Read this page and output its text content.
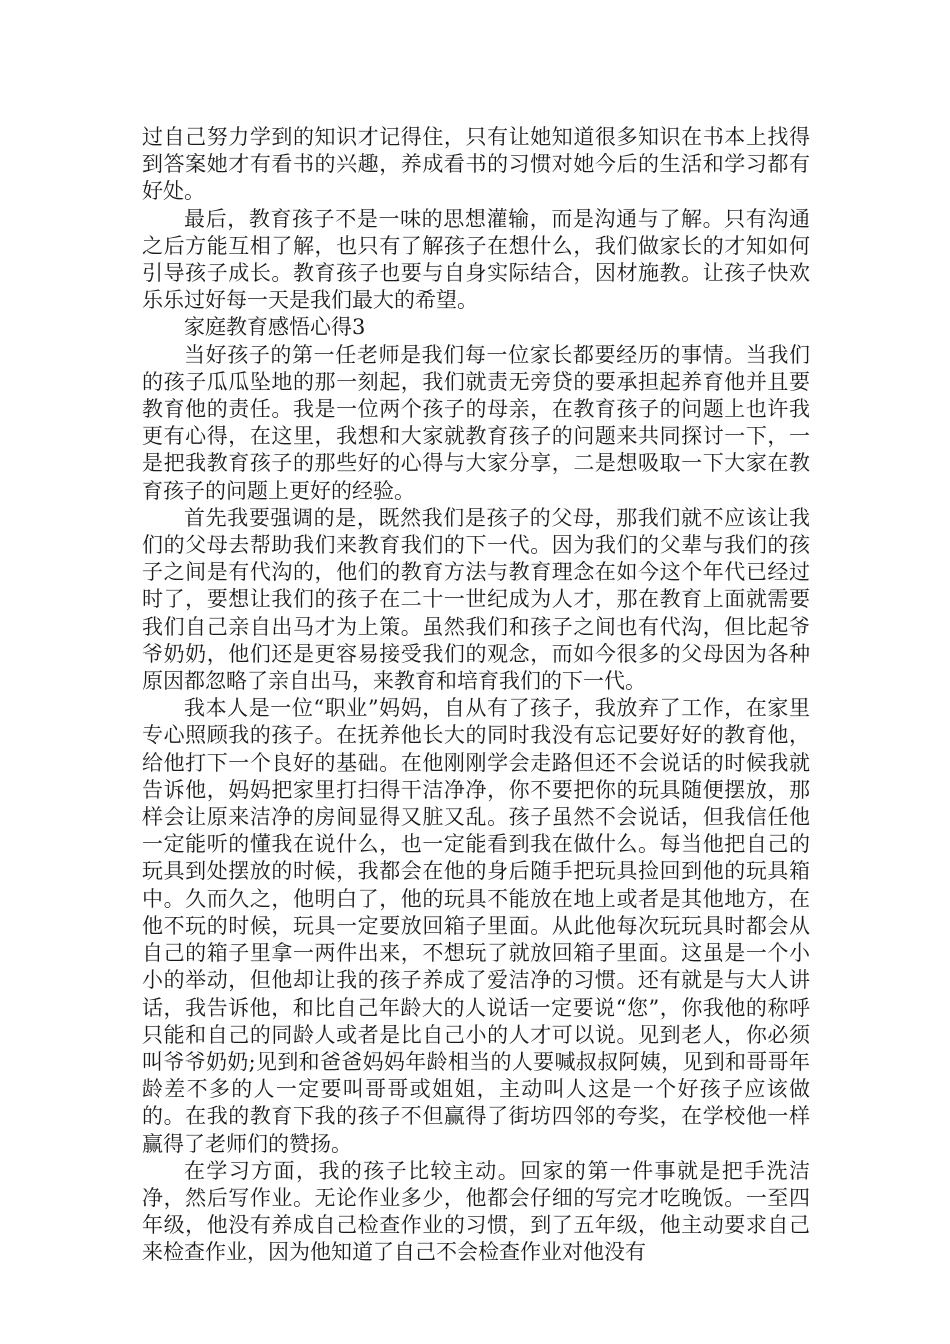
过自己努力学到的知识才记得住，只有让她知道很多知识在书本上找得到答案她才有看书的兴趣，养成看书的习惯对她今后的生活和学习都有好处。

最后，教育孩子不是一味的思想灌输，而是沟通与了解。只有沟通之后方能互相了解，也只有了解孩子在想什么，我们做家长的才知如何引导孩子成长。教育孩子也要与自身实际结合，因材施教。让孩子快欢乐乐过好每一天是我们最大的希望。

家庭教育感悟心得3

当好孩子的第一任老师是我们每一位家长都要经历的事情。当我们的孩子瓜瓜坠地的那一刻起，我们就责无旁贷的要承担起养育他并且要教育他的责任。我是一位两个孩子的母亲，在教育孩子的问题上也许我更有心得，在这里，我想和大家就教育孩子的问题来共同探讨一下，一是把我教育孩子的那些好的心得与大家分享，二是想吸取一下大家在教育孩子的问题上更好的经验。

首先我要强调的是，既然我们是孩子的父母，那我们就不应该让我们的父母去帮助我们来教育我们的下一代。因为我们的父辈与我们的孩子之间是有代沟的，他们的教育方法与教育理念在如今这个年代已经过时了，要想让我们的孩子在二十一世纪成为人才，那在教育上面就需要我们自己亲自出马才为上策。虽然我们和孩子之间也有代沟，但比起爷爷奶奶，他们还是更容易接受我们的观念，而如今很多的父母因为各种原因都忽略了亲自出马，来教育和培育我们的下一代。

我本人是一位“职业”妈妈，自从有了孩子，我放弃了工作，在家里专心照顾我的孩子。在抚养他长大的同时我没有忘记要好好的教育他，给他打下一个良好的基础。在他刚刚学会走路但还不会说话的时候我就告诉他，妈妈把家里打扫得干洁净净，你不要把你的玩具随便摆放，那样会让原来洁净的房间显得又脏又乱。孩子虽然不会说话，但我信任他一定能听的懂我在说什么，也一定能看到我在做什么。每当他把自己的玩具到处摆放的时候，我都会在他的身后随手把玩具捡回到他的玩具箱中。久而久之，他明白了，他的玩具不能放在地上或者是其他地方，在他不玩的时候，玩具一定要放回箱子里面。从此他每次玩玩具时都会从自己的箱子里拿一两件出来，不想玩了就放回箱子里面。这虽是一个小小的举动，但他却让我的孩子养成了爱洁净的习惯。还有就是与大人讲话，我告诉他，和比自己年龄大的人说话一定要说“您”，你我他的称呼只能和自己的同龄人或者是比自己小的人才可以说。见到老人，你必须叫爷爷奶奶;见到和爸爸妈妈年龄相当的人要喊叔叔阿姨，见到和哥哥年龄差不多的人一定要叫哥哥或姐姐，主动叫人这是一个好孩子应该做的。在我的教育下我的孩子不但赢得了街坊四邻的夸奖，在学校他一样赢得了老师们的赞扬。

在学习方面，我的孩子比较主动。回家的第一件事就是把手洗洁净，然后写作业。无论作业多少，他都会仔细的写完才吃晚饭。一至四年级，他没有养成自己检查作业的习惯，到了五年级，他主动要求自己来检查作业，因为他知道了自己不会检查作业对他没有
